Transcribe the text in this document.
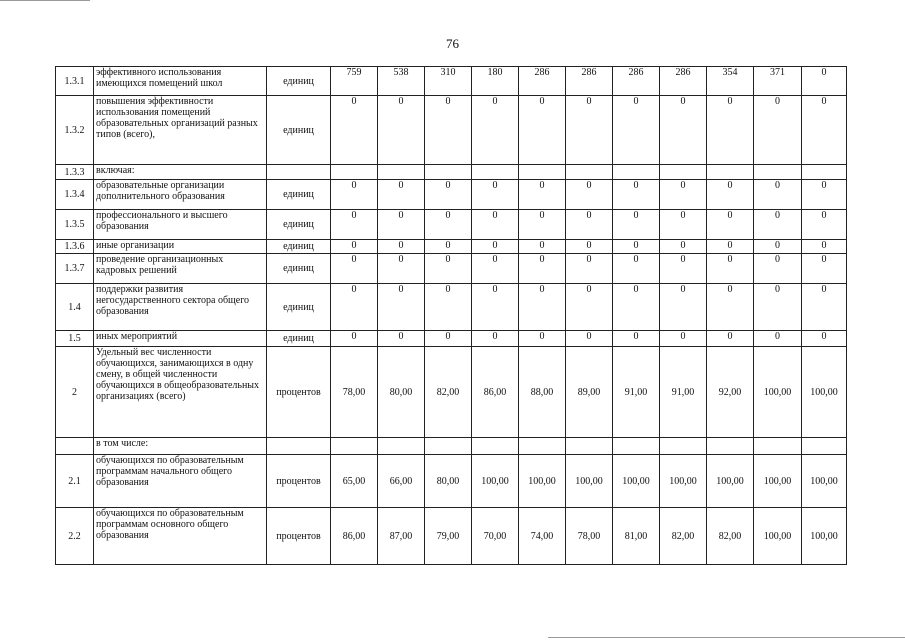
76
1.3.1	эффективного использования имеющихся помещений школ	единиц	759	538	310	180	286	286	286	286	354	371	0
1.3.2	повышения эффективности использования помещений образовательных организаций разных типов (всего),	единиц	0	0	0	0	0	0	0	0	0	0	0
1.3.3	включая:												
1.3.4	образовательные организации дополнительного образования	единиц	0	0	0	0	0	0	0	0	0	0	0
1.3.5	профессионального и высшего образования	единиц	0	0	0	0	0	0	0	0	0	0	0
1.3.6	иные организации	единиц	0	0	0	0	0	0	0	0	0	0	0
1.3.7	проведение организационных кадровых решений	единиц	0	0	0	0	0	0	0	0	0	0	0
1.4	поддержки развития негосударственного сектора общего образования	единиц	0	0	0	0	0	0	0	0	0	0	0
1.5	иных мероприятий	единиц	0	0	0	0	0	0	0	0	0	0	0
2	Удельный вес численности обучающихся, занимающихся в одну смену, в общей численности обучающихся в общеобразовательных организациях (всего)	процентов	78,00	80,00	82,00	86,00	88,00	89,00	91,00	91,00	92,00	100,00	100,00
	в том числе:												
2.1	обучающихся по образовательным программам начального общего образования	процентов	65,00	66,00	80,00	100,00	100,00	100,00	100,00	100,00	100,00	100,00	100,00
2.2	обучающихся по образовательным программам основного общего образования	процентов	86,00	87,00	79,00	70,00	74,00	78,00	81,00	82,00	82,00	100,00	100,00
